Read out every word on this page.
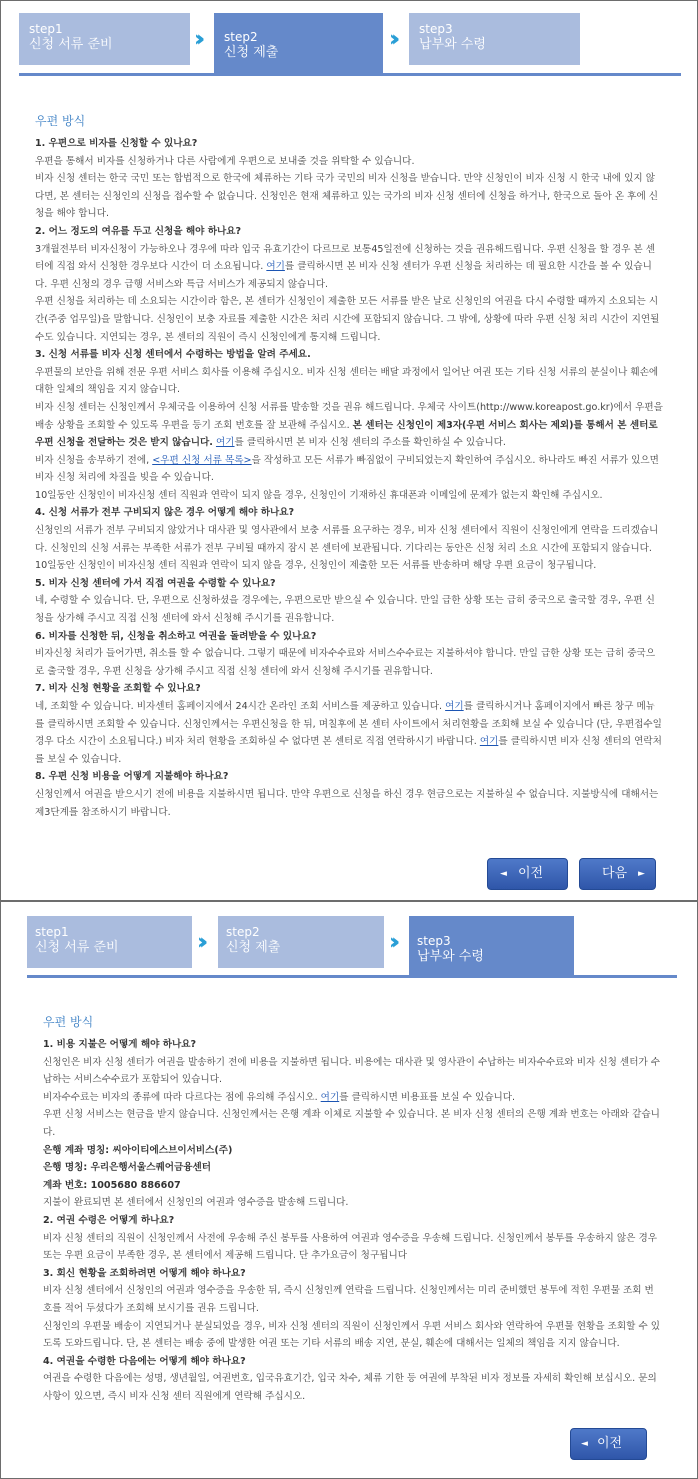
step1
신청 서류 준비	›› step2
신청 제출
›› step3
납부와 수령
우편 방식
1. 우편으로 비자를 신청할 수 있나요?

우편을 통해서 비자를 신청하거나 다른 사람에게 우편으로 보내줄 것을 위탁할 수 있습니다.

비자 신청 센터는 한국 국민 또는 합법적으로 한국에 체류하는 기타 국가 국민의 비자 신청을 받습니다. 만약 신청인이 비자 신청 시 한국 내에 있지 않다면, 본 센터는 신청인의 신청을 접수할 수 없습니다. 신청인은 현재 체류하고 있는 국가의 비자 신청 센터에 신청을 하거나, 한국으로 돌아 온 후에 신청을 해야 합니다.

2. 어느 정도의 여유를 두고 신청을 해야 하나요?

3개월전부터 비자신청이 가능하오나 경우에 따라 입국 유효기간이 다르므로 보통45일전에 신청하는 것을 권유해드립니다. 우편 신청을 할 경우 본 센터에 직접 와서 신청한 경우보다 시간이 더 소요됩니다. 여기를 클릭하시면 본 비자 신청 센터가 우편 신청을 처리하는 데 필요한 시간을 볼 수 있습니다. 우편 신청의 경우 급행 서비스와 특급 서비스가 제공되지 않습니다.

우편 신청을 처리하는 데 소요되는 시간이라 함은, 본 센터가 신청인이 제출한 모든 서류를 받은 날로 신청인의 여권을 다시 수령할 때까지 소요되는 시간(주중 업무일)을 말합니다. 신청인이 보충 자료를 제출한 시간은 처리 시간에 포함되지 않습니다. 그 밖에, 상황에 따라 우편 신청 처리 시간이 지연될 수도 있습니다. 지연되는 경우, 본 센터의 직원이 즉시 신청인에게 통지해 드립니다.

3. 신청 서류를 비자 신청 센터에서 수령하는 방법을 알려 주세요.

우편물의 보안을 위해 전문 우편 서비스 회사를 이용해 주십시오. 비자 신청 센터는 배달 과정에서 일어난 여권 또는 기타 신청 서류의 분실이나 훼손에 대한 일체의 책임을 지지 않습니다.

비자 신청 센터는 신청인께서 우체국을 이용하여 신청 서류를 발송할 것을 권유 해드립니다. 우체국 사이트(http://www.koreapost.go.kr)에서 우편을 배송 상황을 조회할 수 있도록 우편을 등기 조회 번호를 잘 보관해 주십시오. 본 센터는 신청인이 제3자(우편 서비스 회사는 제외)를 통해서 본 센터로 우편 신청을 전달하는 것은 받지 않습니다. 여기를 클릭하시면 본 비자 신청 센터의 주소를 확인하실 수 있습니다.

비자 신청을 송부하기 전에, <우편 신청 서류 목록>을 작성하고 모든 서류가 빠짐없이 구비되었는지 확인하여 주십시오. 하나라도 빠진 서류가 있으면 비자 신청 처리에 차질을 빚을 수 있습니다.

10일동안 신청인이 비자신청 센터 직원과 연락이 되지 않을 경우, 신청인이 기재하신 휴대폰과 이메일에 문제가 없는지 확인해 주십시오.

4. 신청 서류가 전부 구비되지 않은 경우 어떻게 해야 하나요?

신청인의 서류가 전부 구비되지 않았거나 대사관 및 영사관에서 보충 서류를 요구하는 경우, 비자 신청 센터에서 직원이 신청인에게 연락을 드리겠습니다. 신청인의 신청 서류는 부족한 서류가 전부 구비될 때까지 잠시 본 센터에 보관됩니다. 기다리는 동안은 신청 처리 소요 시간에 포함되지 않습니다.

10일동안 신청인이 비자신청 센터 직원과 연락이 되지 않을 경우, 신청인이 제출한 모든 서류를 반송하며 해당 우편 요금이 청구됩니다.

5. 비자 신청 센터에 가서 직접 여권을 수령할 수 있나요?

네, 수령할 수 있습니다. 단, 우편으로 신청하셨을 경우에는, 우편으로만 받으실 수 있습니다. 만일 급한 상황 또는 급히 중국으로 출국할 경우, 우편 신청을 상가해 주시고 직접 신청 센터에 와서 신청해 주시기를 권유합니다.

6. 비자를 신청한 뒤, 신청을 취소하고 여권을 돌려받을 수 있나요?

비자신청 처리가 들어가면, 취소를 할 수 없습니다. 그렇기 때문에 비자수수료와 서비스수수료는 지불하셔야 합니다. 만일 급한 상황 또는 급히 중국으로 출국할 경우, 우편 신청을 상가해 주시고 직접 신청 센터에 와서 신청해 주시기를 권유합니다.

7. 비자 신청 현황을 조회할 수 있나요?

네, 조회할 수 있습니다. 비자센터 홈페이지에서 24시간 온라인 조회 서비스를 제공하고 있습니다. 여기를 클릭하시거나 홈페이지에서 빠른 창구 메뉴를 클릭하시면 조회할 수 있습니다. 신청인께서는 우편신청을 한 뒤, 며칠후에 본 센터 사이트에서 처리현황을 조회해 보실 수 있습니다 (단, 우편접수일 경우 다소 시간이 소요됩니다.) 비자 처리 현황을 조회하실 수 없다면 본 센터로 직접 연락하시기 바랍니다. 여기를 클릭하시면 비자 신청 센터의 연락처를 보실 수 있습니다.

8. 우편 신청 비용을 어떻게 지불해야 하나요?

신청인께서 여권을 받으시기 전에 비용을 지불하시면 됩니다. 만약 우편으로 신청을 하신 경우 현금으로는 지불하실 수 없습니다. 지불방식에 대해서는 제3단계를 참조하시기 바랍니다.

◄ 이전	다음 ►
step1
신청 서류 준비	›› step2
신청 제출	›› step3
납부와 수령
우편 방식
1. 비용 지불은 어떻게 해야 하나요?

신청인은 비자 신청 센터가 여권을 발송하기 전에 비용을 지불하면 됩니다. 비용에는 대사관 및 영사관이 수납하는 비자수수료와 비자 신청 센터가 수납하는 서비스수수료가 포함되어 있습니다.

비자수수료는 비자의 종류에 따라 다르다는 점에 유의해 주십시오. 여기를 클릭하시면 비용표를 보실 수 있습니다.

우편 신청 서비스는 현금을 받지 않습니다. 신청인께서는 은행 계좌 이체로 지불할 수 있습니다. 본 비자 신청 센터의 은행 계좌 번호는 아래와 같습니다.

은행 계좌 명칭: 씨아이티에스브이서비스(주)

은행 명칭: 우리은행서울스퀘어금융센터

계좌 번호: 1005680 886607

지불이 완료되면 본 센터에서 신청인의 여권과 영수증을 발송해 드립니다.

2. 여권 수령은 어떻게 하나요?

비자 신청 센터의 직원이 신청인께서 사전에 우송해 주신 봉투를 사용하여 여권과 영수증을 우송해 드립니다. 신청인께서 봉투를 우송하지 않은 경우 또는 우편 요금이 부족한 경우, 본 센터에서 제공해 드립니다. 단 추가요금이 청구됩니다

3. 회신 현황을 조회하려면 어떻게 해야 하나요?

비자 신청 센터에서 신청인의 여권과 영수증을 우송한 뒤, 즉시 신청인께 연락을 드립니다. 신청인께서는 미리 준비했던 봉투에 적힌 우편물 조회 번호를 적어 두셨다가 조회해 보시기를 권유 드립니다.

신청인의 우편물 배송이 지연되거나 분실되었을 경우, 비자 신청 센터의 직원이 신청인께서 우편 서비스 회사와 연락하여 우편물 현황을 조회할 수 있도록 도와드립니다. 단, 본 센터는 배송 중에 발생한 여권 또는 기타 서류의 배송 지연, 분실, 훼손에 대해서는 일체의 책임을 지지 않습니다.

4. 여권을 수령한 다음에는 어떻게 해야 하나요?

여권을 수령한 다음에는 성명, 생년월일, 여권번호, 입국유효기간, 입국 차수, 체류 기한 등 여권에 부착된 비자 정보를 자세히 확인해 보십시오. 문의 사항이 있으면, 즉시 비자 신청 센터 직원에게 연락해 주십시오.

◄ 이전
